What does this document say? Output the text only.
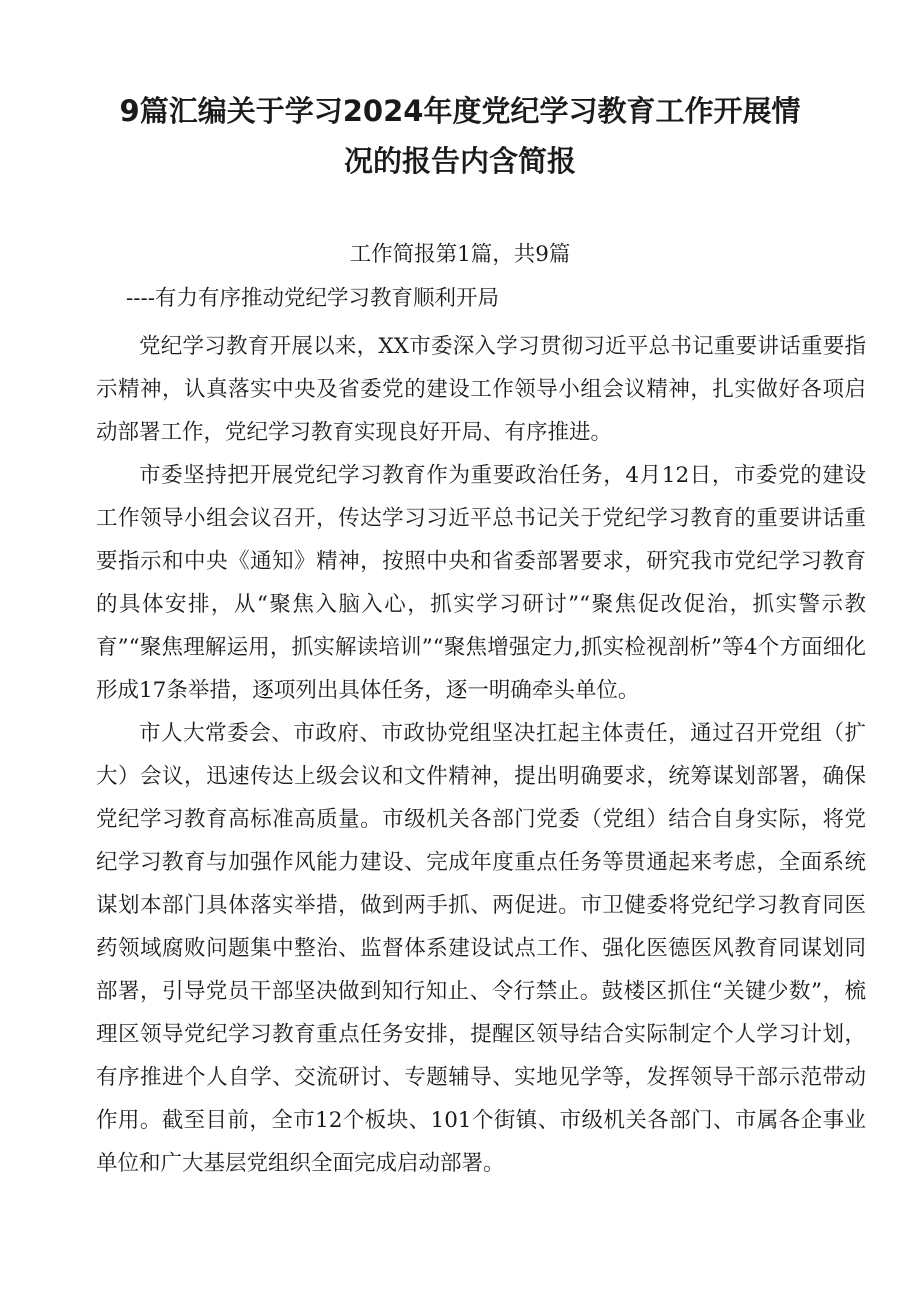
9篇汇编关于学习2024年度党纪学习教育工作开展情
况的报告内含简报

工作简报第1篇，共9篇

----有力有序推动党纪学习教育顺利开局

党纪学习教育开展以来，XX市委深入学习贯彻习近平总书记重要讲话重要指示精神，认真落实中央及省委党的建设工作领导小组会议精神，扎实做好各项启动部署工作，党纪学习教育实现良好开局、有序推进。

市委坚持把开展党纪学习教育作为重要政治任务，4月12日，市委党的建设工作领导小组会议召开，传达学习习近平总书记关于党纪学习教育的重要讲话重要指示和中央《通知》精神，按照中央和省委部署要求，研究我市党纪学习教育的具体安排，从“聚焦入脑入心，抓实学习研讨”“聚焦促改促治，抓实警示教育”“聚焦理解运用，抓实解读培训”“聚焦增强定力,抓实检视剖析”等4个方面细化形成17条举措，逐项列出具体任务，逐一明确牵头单位。

市人大常委会、市政府、市政协党组坚决扛起主体责任，通过召开党组（扩大）会议，迅速传达上级会议和文件精神，提出明确要求，统筹谋划部署，确保党纪学习教育高标准高质量。市级机关各部门党委（党组）结合自身实际，将党纪学习教育与加强作风能力建设、完成年度重点任务等贯通起来考虑，全面系统谋划本部门具体落实举措，做到两手抓、两促进。市卫健委将党纪学习教育同医药领域腐败问题集中整治、监督体系建设试点工作、强化医德医风教育同谋划同部署，引导党员干部坚决做到知行知止、令行禁止。鼓楼区抓住“关键少数”，梳理区领导党纪学习教育重点任务安排，提醒区领导结合实际制定个人学习计划，有序推进个人自学、交流研讨、专题辅导、实地见学等，发挥领导干部示范带动作用。截至目前，全市12个板块、101个街镇、市级机关各部门、市属各企事业单位和广大基层党组织全面完成启动部署。
